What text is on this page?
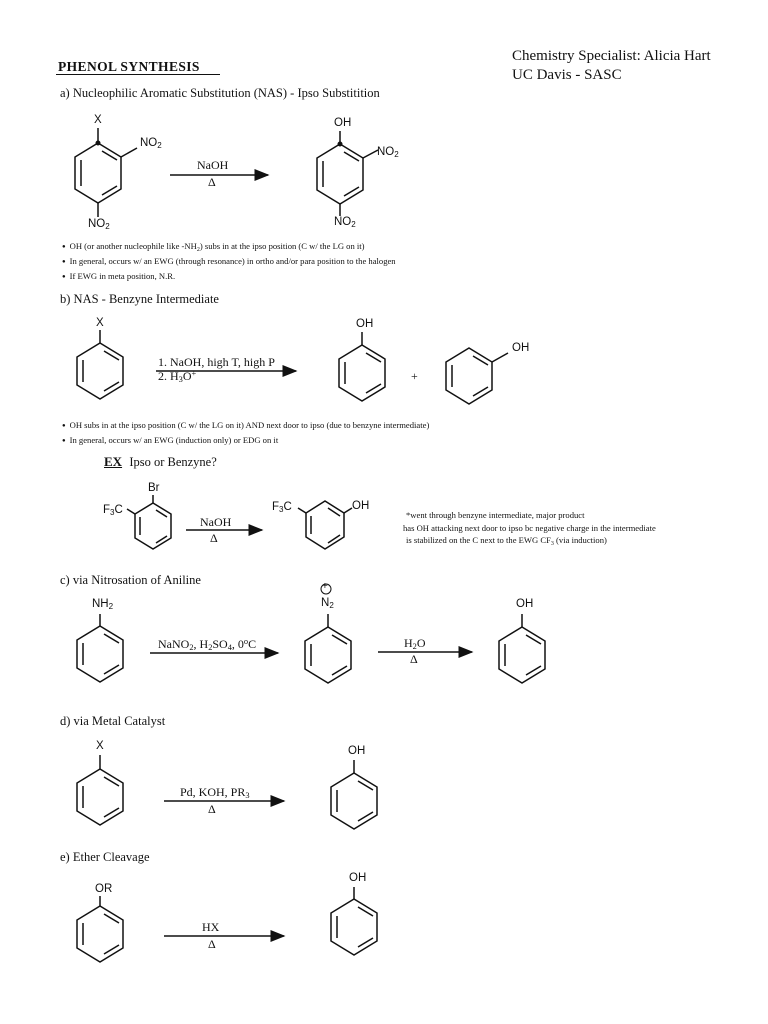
Chemistry Specialist: Alicia Hart
UC Davis - SASC
PHENOL SYNTHESIS
a) Nucleophilic Aromatic Substitution (NAS) - Ipso Substitition
X
$NO_2$
$NO_2$
NaOH
Δ
OH
$NO_2$
$NO_2$
● OH (or another nucleophile like $-NH_2$) subs in at the ipso position (C w/ the LG on it)
● In general, occurs w/ an EWG (through resonance) in ortho and/or para position to the halogen
● If EWG in meta position, N.R.
b) NAS - Benzyne Intermediate
X
1. NaOH, high T, high P
2. $H_3O^+$
OH
+
OH
● OH subs in at the ipso position (C w/ the LG on it) AND next door to ipso (due to benzyne intermediate)
● In general, occurs w/ an EWG (induction only) or EDG on it
EX Ipso or Benzyne?
Br
$F_3C$
NaOH
Δ
$F_3C$	OH
*went through benzyne intermediate, major product
has OH attacking next door to ipso bc negative charge in the intermediate
is stabilized on the C next to the EWG $CF_3$ (via induction)
c) via Nitrosation of Aniline
$NH_2$
NaNO$_2$, $H_2SO_4$, $0^oC$
+
$N_2$
$H_2O$
Δ
OH
d) via Metal Catalyst
X
Pd, KOH, $PR_3$
Δ
OH
e) Ether Cleavage
OR
HX
Δ
OH
